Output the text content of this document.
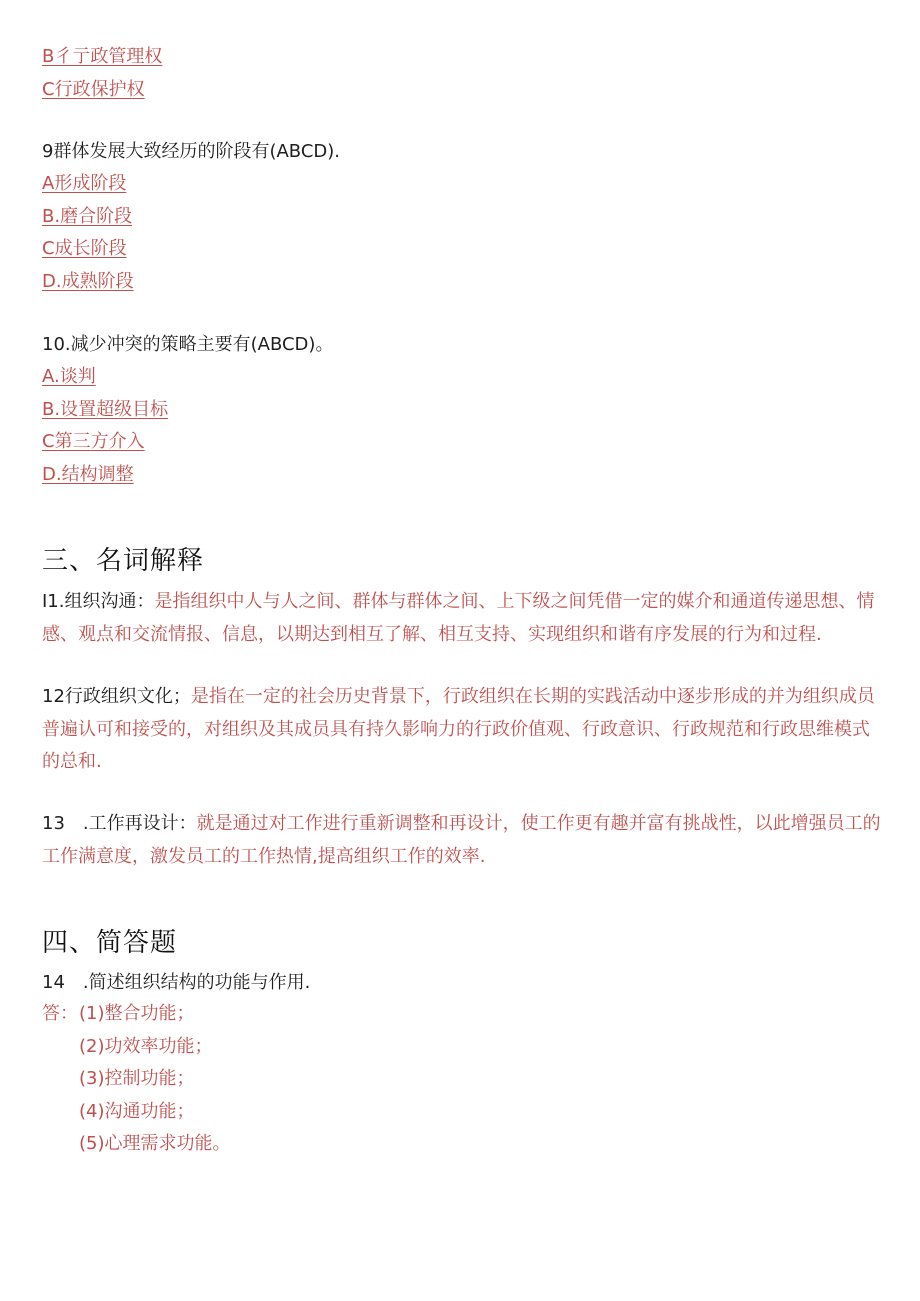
B彳亍政管理权
C行政保护权
9群体发展大致经历的阶段有(ABCD).
A形成阶段
B.磨合阶段
C成长阶段
D.成熟阶段
10.减少冲突的策略主要有(ABCD)。
A.谈判
B.设置超级目标
C第三方介入
D.结构调整
三、名词解释
I1.组织沟通：是指组织中人与人之间、群体与群体之间、上下级之间凭借一定的媒介和通道传递思想、情感、观点和交流情报、信息，以期达到相互了解、相互支持、实现组织和谐有序发展的行为和过程.
12行政组织文化；是指在一定的社会历史背景下，行政组织在长期的实践活动中逐步形成的并为组织成员普遍认可和接受的，对组织及其成员具有持久影响力的行政价值观、行政意识、行政规范和行政思维模式的总和.
13　.工作再设计：就是通过对工作进行重新调整和再设计，使工作更有趣并富有挑战性，以此增强员工的工作满意度，激发员工的工作热情,提高组织工作的效率.
四、简答题
14　.简述组织结构的功能与作用.
答： (1)整合功能；
(2)功效率功能；
(3)控制功能；
(4)沟通功能；
(5)心理需求功能。
